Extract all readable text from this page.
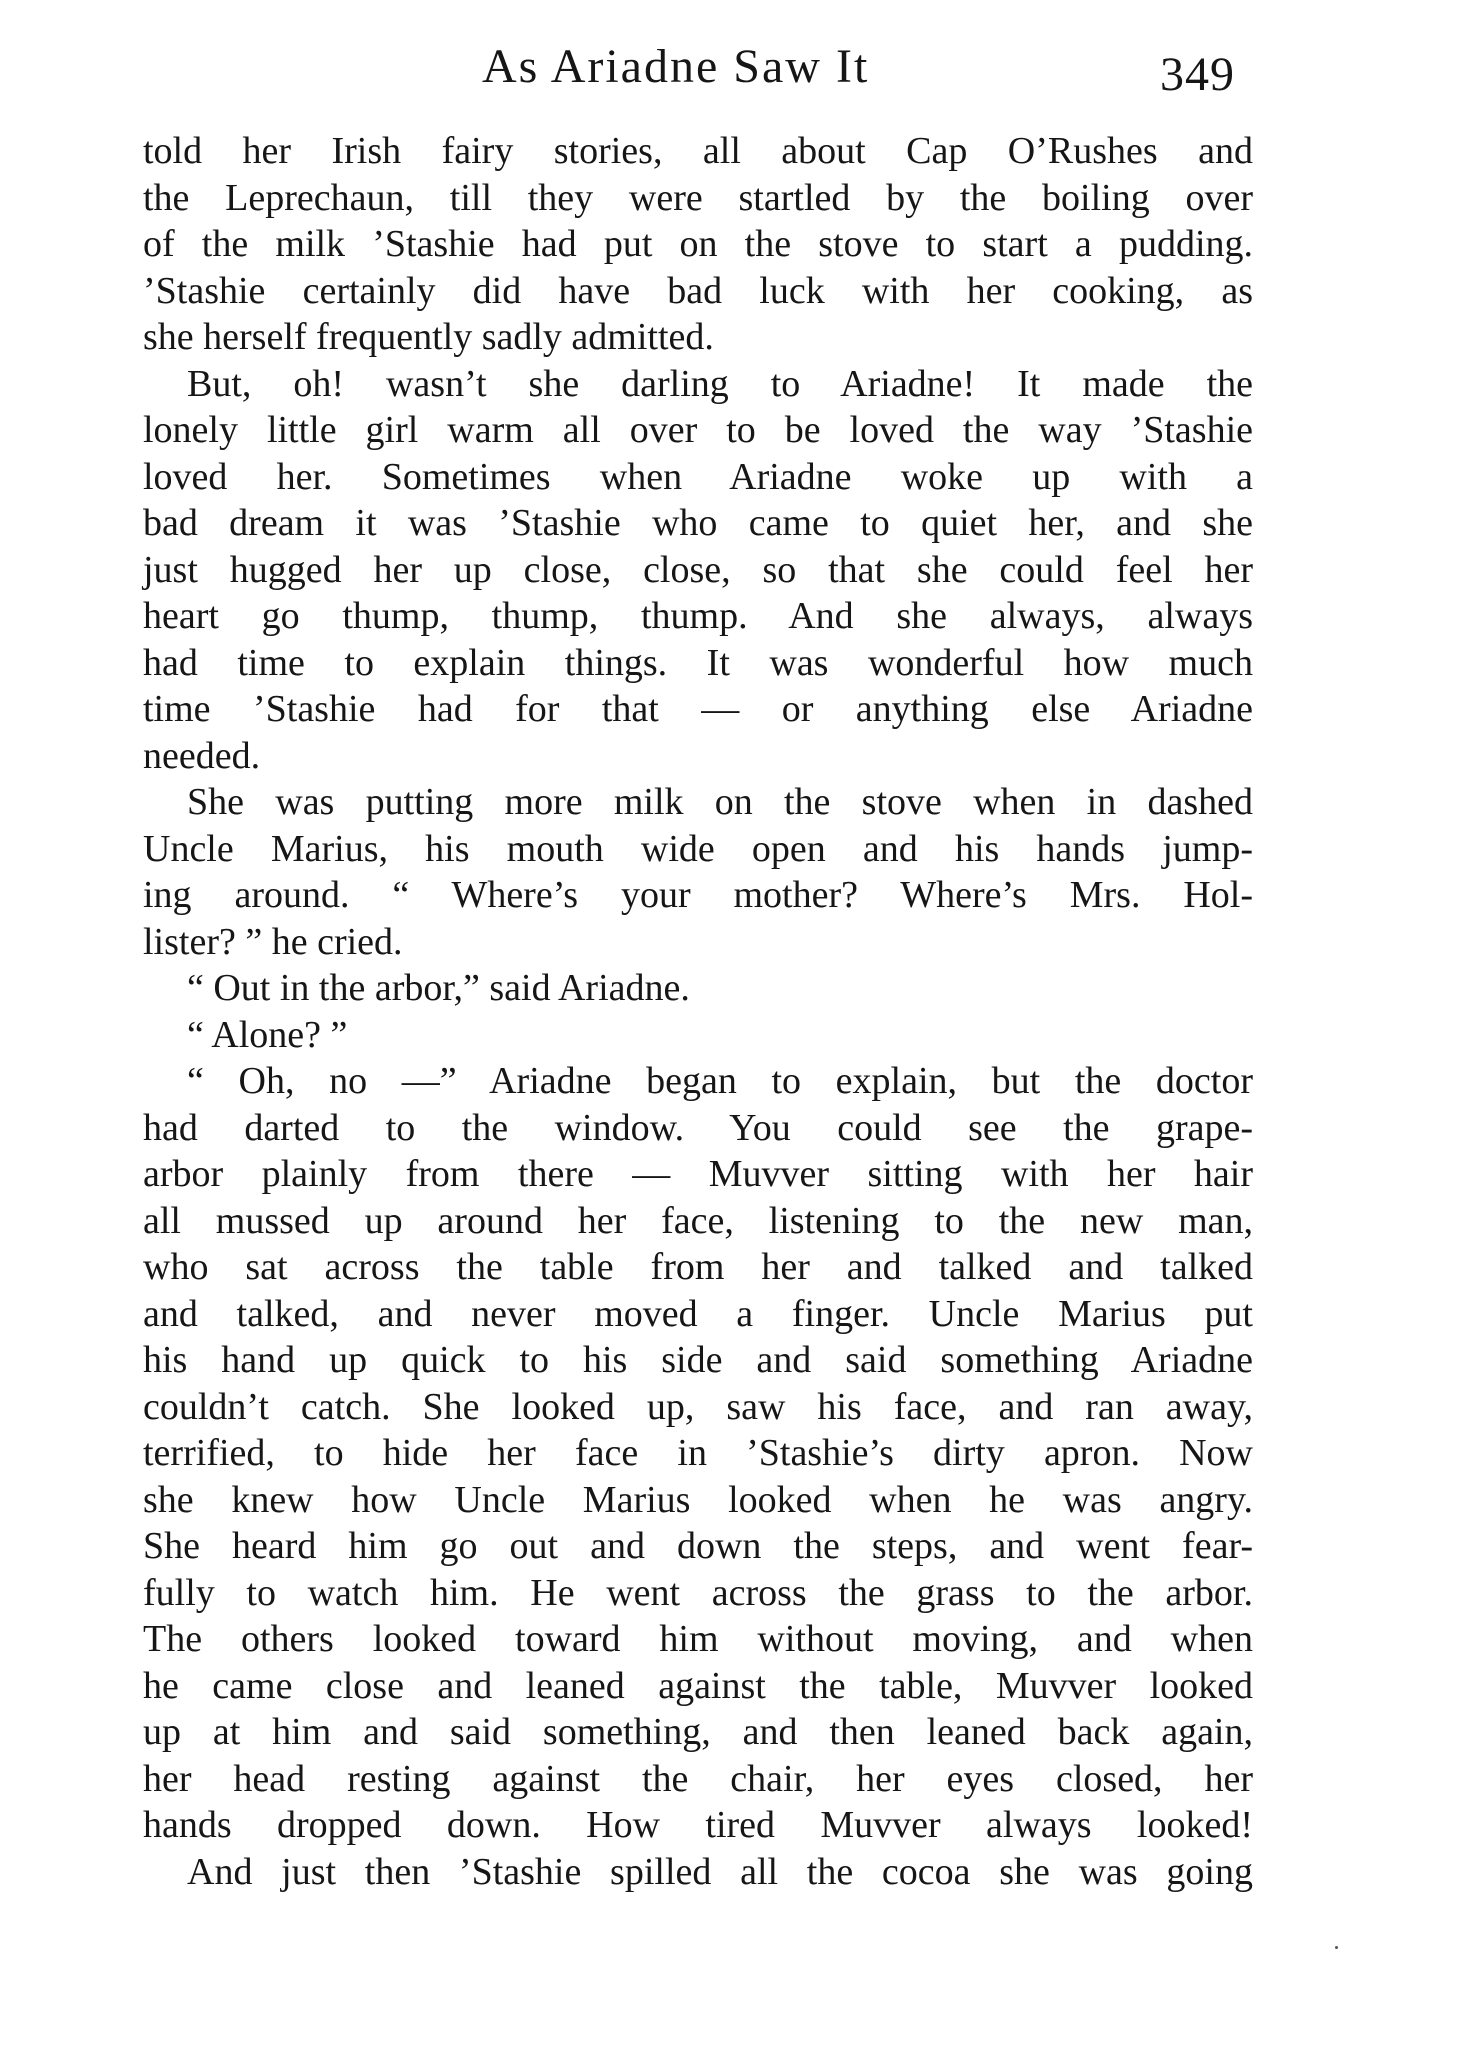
As Ariadne Saw It	349
told her Irish fairy stories, all about Cap O’Rushes and
the Leprechaun, till they were startled by the boiling over
of the milk ’Stashie had put on the stove to start a pudding.
’Stashie certainly did have bad luck with her cooking, as
she herself frequently sadly admitted.
But, oh! wasn’t she darling to Ariadne! It made the
lonely little girl warm all over to be loved the way ’Stashie
loved her. Sometimes when Ariadne woke up with a
bad dream it was ’Stashie who came to quiet her, and she
just hugged her up close, close, so that she could feel her
heart go thump, thump, thump. And she always, always
had time to explain things. It was wonderful how much
time ’Stashie had for that — or anything else Ariadne
needed.
She was putting more milk on the stove when in dashed
Uncle Marius, his mouth wide open and his hands jump-
ing around. “ Where’s your mother? Where’s Mrs. Hol-
lister? ” he cried.
“ Out in the arbor,” said Ariadne.
“ Alone? ”
“ Oh, no —” Ariadne began to explain, but the doctor
had darted to the window. You could see the grape-
arbor plainly from there — Muvver sitting with her hair
all mussed up around her face, listening to the new man,
who sat across the table from her and talked and talked
and talked, and never moved a finger. Uncle Marius put
his hand up quick to his side and said something Ariadne
couldn’t catch. She looked up, saw his face, and ran away,
terrified, to hide her face in ’Stashie’s dirty apron. Now
she knew how Uncle Marius looked when he was angry.
She heard him go out and down the steps, and went fear-
fully to watch him. He went across the grass to the arbor.
The others looked toward him without moving, and when
he came close and leaned against the table, Muvver looked
up at him and said something, and then leaned back again,
her head resting against the chair, her eyes closed, her
hands dropped down. How tired Muvver always looked!
And just then ’Stashie spilled all the cocoa she was going
